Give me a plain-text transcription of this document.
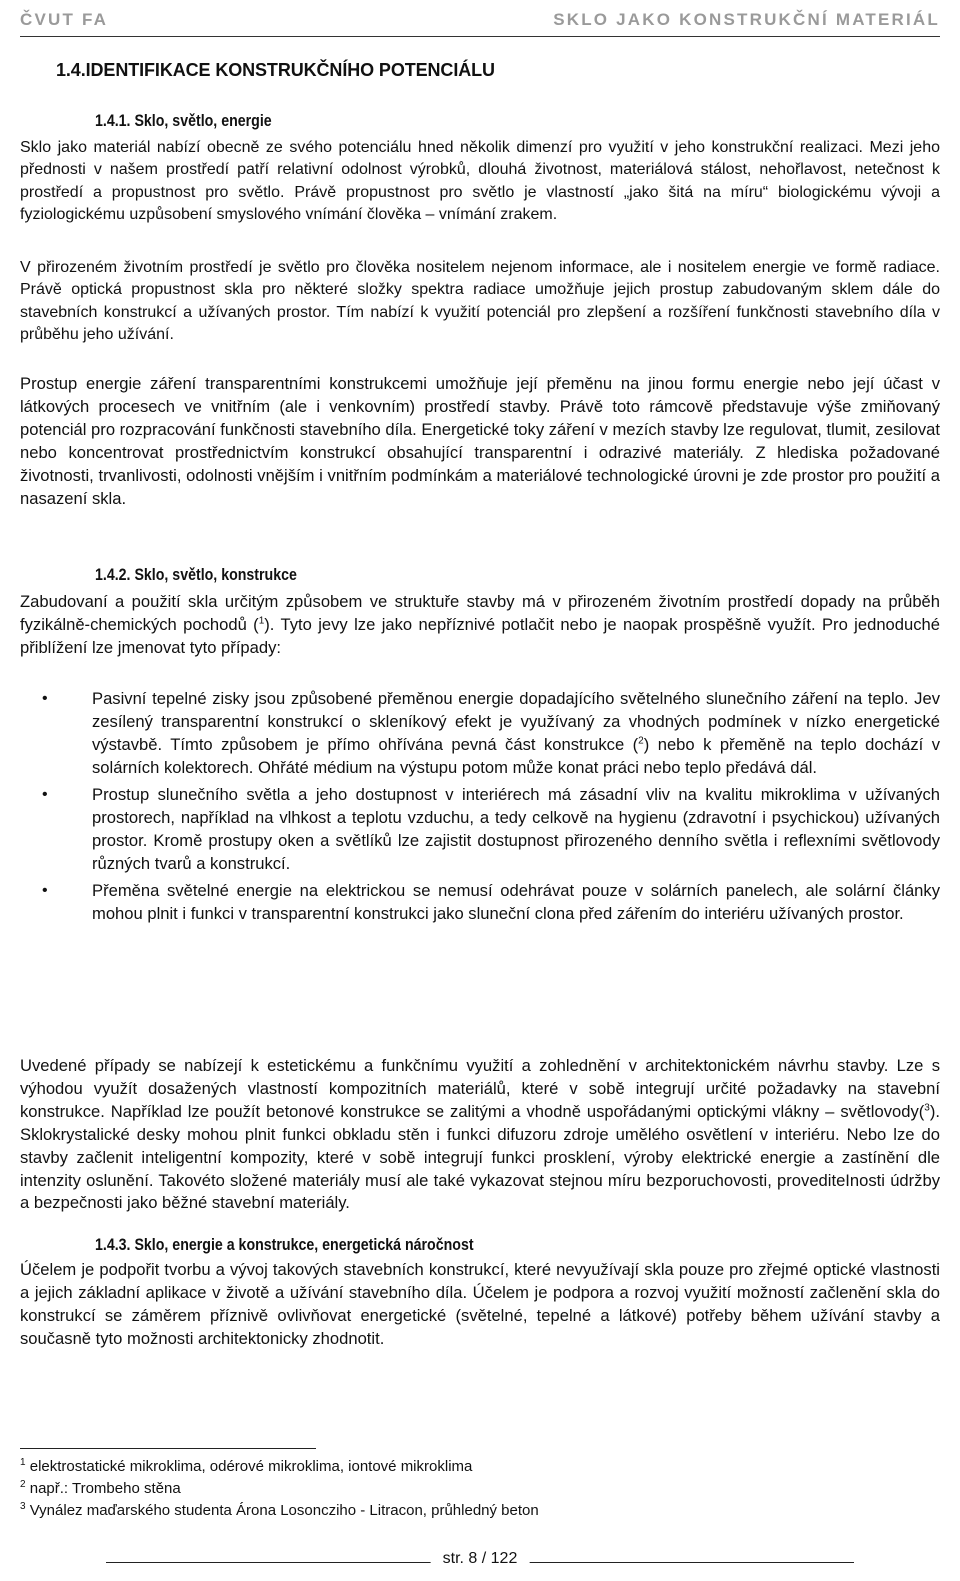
ČVUT FA	SKLO JAKO KONSTRUKČNÍ MATERIÁL
1.4.IDENTIFIKACE KONSTRUKČNÍHO POTENCIÁLU
1.4.1. Sklo, světlo, energie

Sklo jako materiál nabízí obecně ze svého potenciálu hned několik dimenzí pro využití v jeho konstrukční realizaci. Mezi jeho přednosti v našem prostředí patří relativní odolnost výrobků, dlouhá životnost, materiálová stálost, nehořlavost, netečnost k prostředí a propustnost pro světlo. Právě propustnost pro světlo je vlastností „jako šitá na míru“ biologickému vývoji a fyziologickému uzpůsobení smyslového vnímání člověka – vnímání zrakem.

V přirozeném životním prostředí je světlo pro člověka nositelem nejenom informace, ale i nositelem energie ve formě radiace. Právě optická propustnost skla pro některé složky spektra radiace umožňuje jejich prostup zabudovaným sklem dále do stavebních konstrukcí a užívaných prostor. Tím nabízí k využití potenciál pro zlepšení a rozšíření funkčnosti stavebního díla v průběhu jeho užívání.

Prostup energie záření transparentními konstrukcemi umožňuje její přeměnu na jinou formu energie nebo její účast v látkových procesech ve vnitřním (ale i venkovním) prostředí stavby. Právě toto rámcově představuje výše zmiňovaný potenciál pro rozpracování funkčnosti stavebního díla. Energetické toky záření v mezích stavby lze regulovat, tlumit, zesilovat nebo koncentrovat prostřednictvím konstrukcí obsahující transparentní i odrazivé materiály. Z hlediska požadované životnosti, trvanlivosti, odolnosti vnějším i vnitřním podmínkám a materiálové technologické úrovni je zde prostor pro použití a nasazení skla.

1.4.2. Sklo, světlo, konstrukce

Zabudovaní a použití skla určitým způsobem ve struktuře stavby má v přirozeném životním prostředí dopady na průběh fyzikálně-chemických pochodů ($^1$). Tyto jevy lze jako nepříznivé potlačit nebo je naopak prospěšně využít. Pro jednoduché přiblížení lze jmenovat tyto případy:

•	Pasivní tepelné zisky jsou způsobené přeměnou energie dopadajícího světelného slunečního záření na teplo. Jev zesílený transparentní konstrukcí o skleníkový efekt je využívaný za vhodných podmínek v nízko energetické výstavbě. Tímto způsobem je přímo ohřívána pevná část konstrukce ($^2$) nebo k přeměně na teplo dochází v solárních kolektorech. Ohřáté médium na výstupu potom může konat práci nebo teplo předává dál.
•	Prostup slunečního světla a jeho dostupnost v interiérech má zásadní vliv na kvalitu mikroklima v užívaných prostorech, například na vlhkost a teplotu vzduchu, a tedy celkově na hygienu (zdravotní i psychickou) užívaných prostor. Kromě prostupy oken a světlíků lze zajistit dostupnost přirozeného denního světla i reflexními světlovody různých tvarů a konstrukcí.
•	Přeměna světelné energie na elektrickou se nemusí odehrávat pouze v solárních panelech, ale solární články mohou plnit i funkci v transparentní konstrukci jako sluneční clona před zářením do interiéru užívaných prostor.

Uvedené případy se nabízejí k estetickému a funkčnímu využití a zohlednění v architektonickém návrhu stavby. Lze s výhodou využít dosažených vlastností kompozitních materiálů, které v sobě integrují určité požadavky na stavební konstrukce. Například lze použít betonové konstrukce se zalitými a vhodně uspořádanými optickými vlákny – světlovody($^3$). Sklokrystalické desky mohou plnit funkci obkladu stěn i funkci difuzoru zdroje umělého osvětlení v interiéru. Nebo lze do stavby začlenit inteligentní kompozity, které v sobě integrují funkci prosklení, výroby elektrické energie a zastínění dle intenzity oslunění. Takovéto složené materiály musí ale také vykazovat stejnou míru bezporuchovosti, provediteInosti údržby a bezpečnosti jako běžné stavební materiály.

1.4.3. Sklo, energie a konstrukce, energetická náročnost

Účelem je podpořit tvorbu a vývoj takových stavebních konstrukcí, které nevyužívají skla pouze pro zřejmé optické vlastnosti a jejich základní aplikace v životě a užívání stavebního díla. Účelem je podpora a rozvoj využití možností začlenění skla do konstrukcí se záměrem příznivě ovlivňovat energetické (světelné, tepelné a látkové) potřeby během užívání stavby a současně tyto možnosti architektonicky zhodnotit.

$^1$ elektrostatické mikroklima, odérové mikroklima, iontové mikroklima
$^2$ např.: Trombeho stěna
$^3$ Vynález maďarského studenta Árona Losoncziho - Litracon, průhledný beton
str. 8 / 122
